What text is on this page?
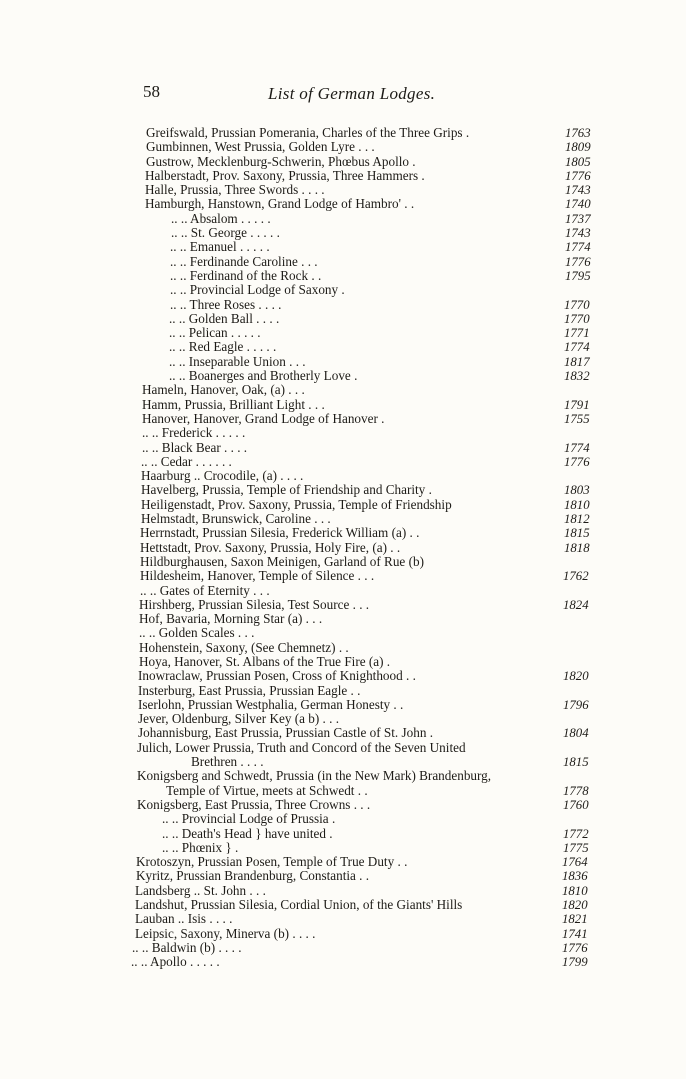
58	List of German Lodges.
Greifswald, Prussian Pomerania, Charles of the Three Grips .	1763
Gumbinnen, West Prussia, Golden Lyre . . .	1809
Gustrow, Mecklenburg-Schwerin, Phœbus Apollo .	1805
Halberstadt, Prov. Saxony, Prussia, Three Hammers .	1776
Halle, Prussia, Three Swords . . . .	1743
Hamburgh, Hanstown, Grand Lodge of Hambro' . .	1740
.. .. Absalom . . . . .	1737
.. .. St. George . . . . .	1743
.. .. Emanuel . . . . .	1774
.. .. Ferdinande Caroline . . .	1776
.. .. Ferdinand of the Rock . .	1795
.. .. Provincial Lodge of Saxony .
.. .. Three Roses . . . .	1770
.. .. Golden Ball . . . .	1770
.. .. Pelican . . . . .	1771
.. .. Red Eagle . . . . .	1774
.. .. Inseparable Union . . .	1817
.. .. Boanerges and Brotherly Love .	1832
Hameln, Hanover, Oak, (a) . . .
Hamm, Prussia, Brilliant Light . . .	1791
Hanover, Hanover, Grand Lodge of Hanover .	1755
.. .. Frederick . . . . .
.. .. Black Bear . . . .	1774
.. .. Cedar . . . . . .	1776
Haarburg .. Crocodile, (a) . . . .
Havelberg, Prussia, Temple of Friendship and Charity .	1803
Heiligenstadt, Prov. Saxony, Prussia, Temple of Friendship	1810
Helmstadt, Brunswick, Caroline . . .	1812
Herrnstadt, Prussian Silesia, Frederick William (a) . .	1815
Hettstadt, Prov. Saxony, Prussia, Holy Fire, (a) . .	1818
Hildburghausen, Saxon Meinigen, Garland of Rue (b)
Hildesheim, Hanover, Temple of Silence . . .	1762
.. .. Gates of Eternity . . .
Hirshberg, Prussian Silesia, Test Source . . .	1824
Hof, Bavaria, Morning Star (a) . . .
.. .. Golden Scales . . .
Hohenstein, Saxony, (See Chemnetz) . .
Hoya, Hanover, St. Albans of the True Fire (a) .
Inowraclaw, Prussian Posen, Cross of Knighthood . .	1820
Insterburg, East Prussia, Prussian Eagle . .
Iserlohn, Prussian Westphalia, German Honesty . .	1796
Jever, Oldenburg, Silver Key (a b) . . .
Johannisburg, East Prussia, Prussian Castle of St. John .	1804
Julich, Lower Prussia, Truth and Concord of the Seven United
Brethren . . . .	1815
Konigsberg and Schwedt, Prussia (in the New Mark) Brandenburg,
Temple of Virtue, meets at Schwedt . .	1778
Konigsberg, East Prussia, Three Crowns . . .	1760
.. .. Provincial Lodge of Prussia .
.. .. Death's Head } have united .	1772
.. .. Phœnix } .	1775
Krotoszyn, Prussian Posen, Temple of True Duty . .	1764
Kyritz, Prussian Brandenburg, Constantia . .	1836
Landsberg .. St. John . . .	1810
Landshut, Prussian Silesia, Cordial Union, of the Giants' Hills	1820
Lauban .. Isis . . . .	1821
Leipsic, Saxony, Minerva (b) . . . .	1741
.. .. Baldwin (b) . . . .	1776
.. .. Apollo . . . . .	1799
